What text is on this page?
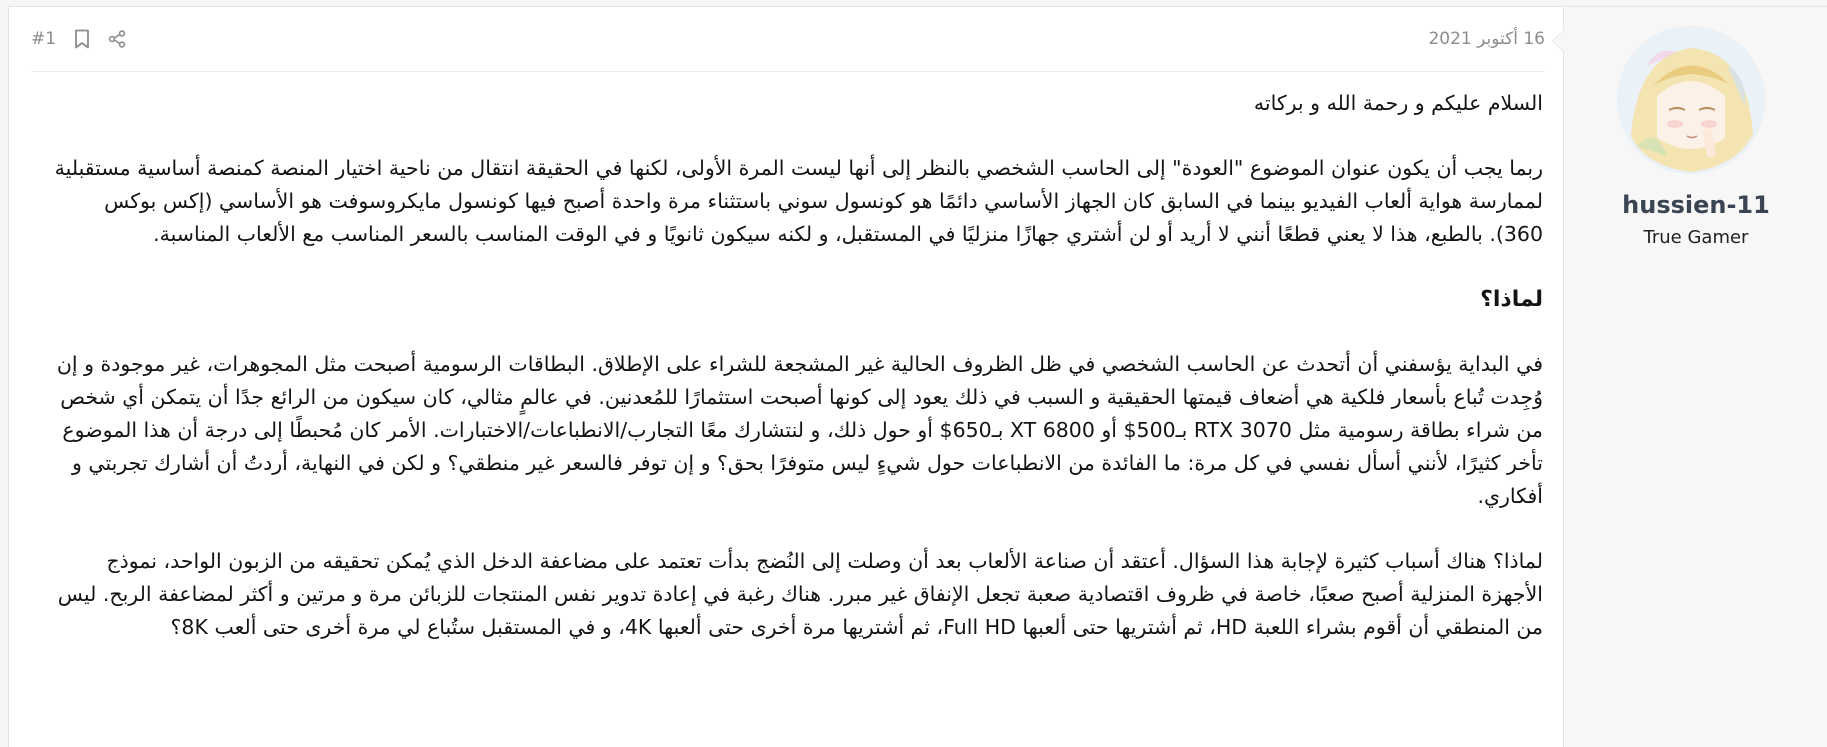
hussien-11
True Gamer
#1	16 أكتوبر 2021

السلام عليكم و رحمة الله و بركاته

ربما يجب أن يكون عنوان الموضوع "العودة" إلى الحاسب الشخصي بالنظر إلى أنها ليست المرة الأولى، لكنها في الحقيقة انتقال من ناحية اختيار المنصة كمنصة أساسية مستقبلية لممارسة هواية ألعاب الفيديو بينما في السابق كان الجهاز الأساسي دائمًا هو كونسول سوني باستثناء مرة واحدة أصبح فيها كونسول مايكروسوفت هو الأساسي (إكس بوكس 360). بالطبع، هذا لا يعني قطعًا أنني لا أريد أو لن أشتري جهازًا منزليًا في المستقبل، و لكنه سيكون ثانويًا و في الوقت المناسب بالسعر المناسب مع الألعاب المناسبة.

لماذا؟

في البداية يؤسفني أن أتحدث عن الحاسب الشخصي في ظل الظروف الحالية غير المشجعة للشراء على الإطلاق. البطاقات الرسومية أصبحت مثل المجوهرات، غير موجودة و إن وُجِدت تُباع بأسعار فلكية هي أضعاف قيمتها الحقيقية و السبب في ذلك يعود إلى كونها أصبحت استثمارًا للمُعدنين. في عالمٍ مثالي، كان سيكون من الرائع جدًا أن يتمكن أي شخص من شراء بطاقة رسومية مثل RTX 3070 بـ500$ أو 6800 XT بـ650$ أو حول ذلك، و لنتشارك معًا التجارب/الانطباعات/الاختبارات. الأمر كان مُحبطًا إلى درجة أن هذا الموضوع تأخر كثيرًا، لأنني أسأل نفسي في كل مرة: ما الفائدة من الانطباعات حول شيءٍ ليس متوفرًا بحق؟ و إن توفر فالسعر غير منطقي؟ و لكن في النهاية، أردتُ أن أشارك تجربتي و أفكاري.

لماذا؟ هناك أسباب كثيرة لإجابة هذا السؤال. أعتقد أن صناعة الألعاب بعد أن وصلت إلى النُضج بدأت تعتمد على مضاعفة الدخل الذي يُمكن تحقيقه من الزبون الواحد، نموذج الأجهزة المنزلية أصبح صعبًا، خاصة في ظروف اقتصادية صعبة تجعل الإنفاق غير مبرر. هناك رغبة في إعادة تدوير نفس المنتجات للزبائن مرة و مرتين و أكثر لمضاعفة الربح. ليس من المنطقي أن أقوم بشراء اللعبة HD، ثم أشتريها حتى ألعبها Full HD، ثم أشتريها مرة أخرى حتى ألعبها 4K، و في المستقبل ستُباع لي مرة أخرى حتى ألعب 8K؟
